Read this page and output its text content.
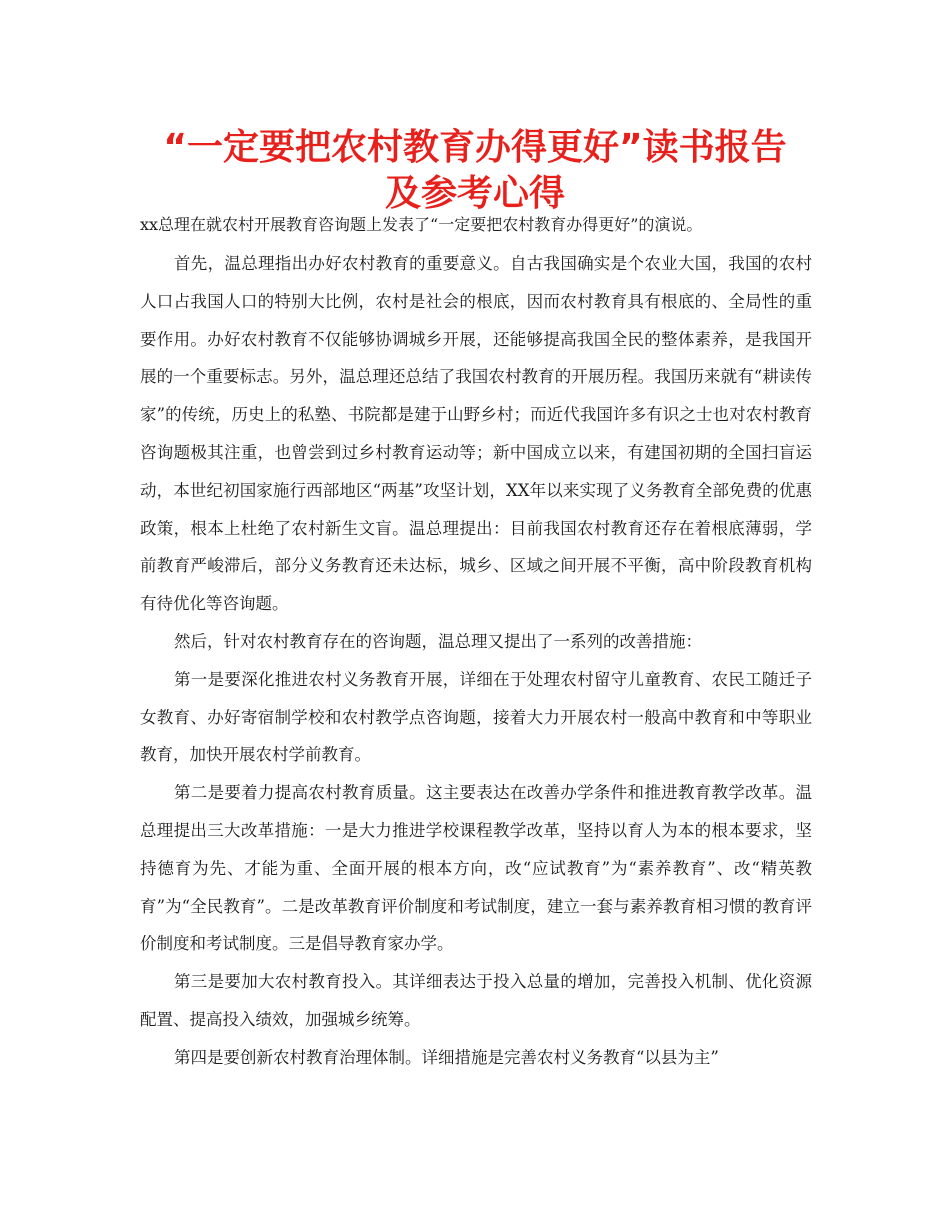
“一定要把农村教育办得更好”读书报告
及参考心得

xx总理在就农村开展教育咨询题上发表了“一定要把农村教育办得更好”的演说。

首先，温总理指出办好农村教育的重要意义。自古我国确实是个农业大国，我国的农村人口占我国人口的特别大比例，农村是社会的根底，因而农村教育具有根底的、全局性的重要作用。办好农村教育不仅能够协调城乡开展，还能够提高我国全民的整体素养，是我国开展的一个重要标志。另外，温总理还总结了我国农村教育的开展历程。我国历来就有“耕读传家”的传统，历史上的私塾、书院都是建于山野乡村；而近代我国许多有识之士也对农村教育咨询题极其注重，也曾尝到过乡村教育运动等；新中国成立以来，有建国初期的全国扫盲运动，本世纪初国家施行西部地区“两基”攻坚计划，XX年以来实现了义务教育全部免费的优惠政策，根本上杜绝了农村新生文盲。温总理提出：目前我国农村教育还存在着根底薄弱，学前教育严峻滞后，部分义务教育还未达标，城乡、区域之间开展不平衡，高中阶段教育机构有待优化等咨询题。

然后，针对农村教育存在的咨询题，温总理又提出了一系列的改善措施：

第一是要深化推进农村义务教育开展，详细在于处理农村留守儿童教育、农民工随迁子女教育、办好寄宿制学校和农村教学点咨询题，接着大力开展农村一般高中教育和中等职业教育，加快开展农村学前教育。

第二是要着力提高农村教育质量。这主要表达在改善办学条件和推进教育教学改革。温总理提出三大改革措施：一是大力推进学校课程教学改革，坚持以育人为本的根本要求，坚持德育为先、才能为重、全面开展的根本方向，改“应试教育”为“素养教育”、改“精英教育”为“全民教育”。二是改革教育评价制度和考试制度，建立一套与素养教育相习惯的教育评价制度和考试制度。三是倡导教育家办学。

第三是要加大农村教育投入。其详细表达于投入总量的增加，完善投入机制、优化资源配置、提高投入绩效，加强城乡统筹。

第四是要创新农村教育治理体制。详细措施是完善农村义务教育“以县为主”
